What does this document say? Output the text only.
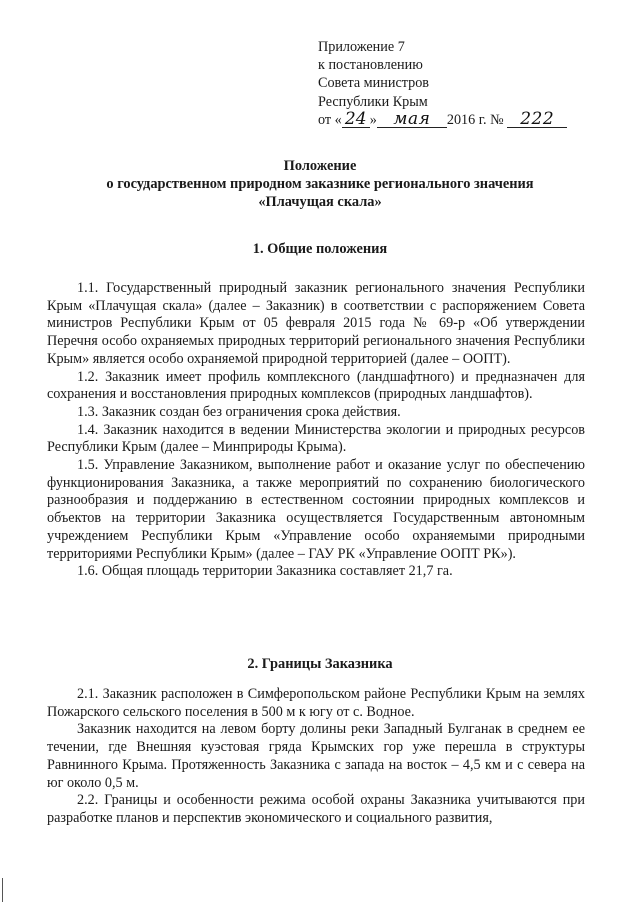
Приложение 7
к постановлению
Совета министров
Республики Крым
от « 24 » мая 2016 г. № 222
Положение
о государственном природном заказнике регионального значения
«Плачущая скала»
1. Общие положения

1.1. Государственный природный заказник регионального значения Республики Крым «Плачущая скала» (далее – Заказник) в соответствии с распоряжением Совета министров Республики Крым от 05 февраля 2015 года № 69-р «Об утверждении Перечня особо охраняемых природных территорий регионального значения Республики Крым» является особо охраняемой природной территорией (далее – ООПТ).

1.2. Заказник имеет профиль комплексного (ландшафтного) и предназначен для сохранения и восстановления природных комплексов (природных ландшафтов).

1.3. Заказник создан без ограничения срока действия.

1.4. Заказник находится в ведении Министерства экологии и природных ресурсов Республики Крым (далее – Минприроды Крыма).

1.5. Управление Заказником, выполнение работ и оказание услуг по обеспечению функционирования Заказника, а также мероприятий по сохранению биологического разнообразия и поддержанию в естественном состоянии природных комплексов и объектов на территории Заказника осуществляется Государственным автономным учреждением Республики Крым «Управление особо охраняемыми природными территориями Республики Крым» (далее – ГАУ РК «Управление ООПТ РК»).

1.6. Общая площадь территории Заказника составляет 21,7 га.

2. Границы Заказника

2.1. Заказник расположен в Симферопольском районе Республики Крым на землях Пожарского сельского поселения в 500 м к югу от с. Водное.

Заказник находится на левом борту долины реки Западный Булганак в среднем ее течении, где Внешняя куэстовая гряда Крымских гор уже перешла в структуры Равнинного Крыма. Протяженность Заказника с запада на восток – 4,5 км и с севера на юг около 0,5 м.

2.2. Границы и особенности режима особой охраны Заказника учитываются при разработке планов и перспектив экономического и социального развития,
